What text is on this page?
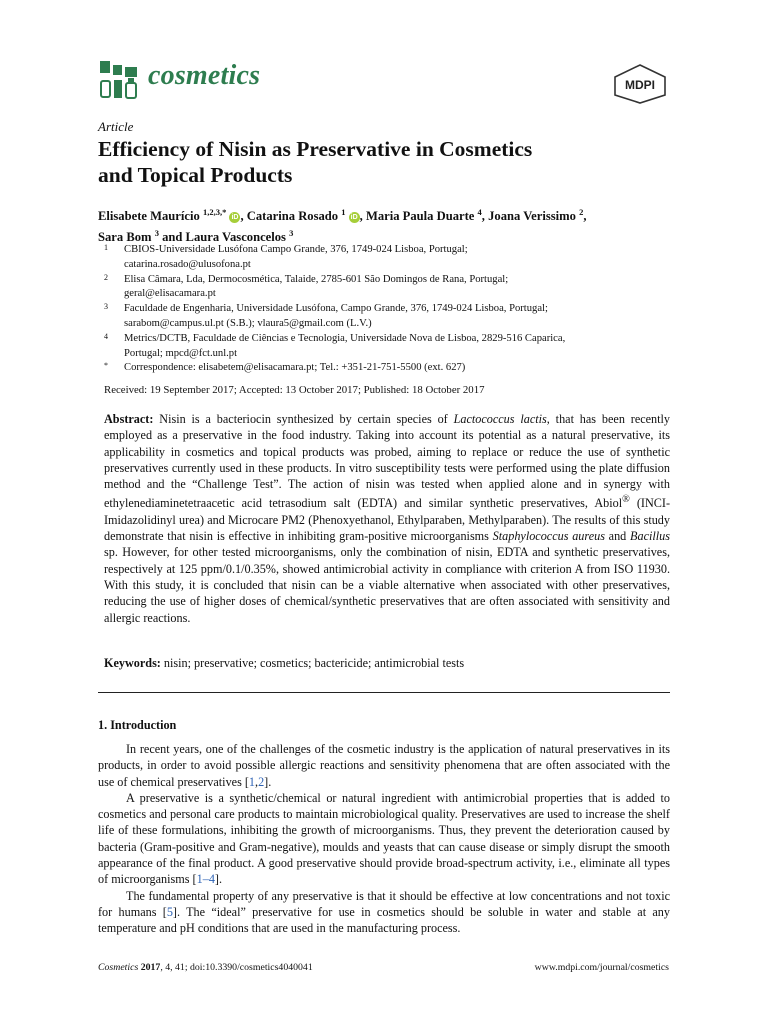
cosmetics	MDPI
Article
Efficiency of Nisin as Preservative in Cosmetics
and Topical Products
Elisabete Maurício $^{1,2,3,*}$ iD , Catarina Rosado $^1$ iD , Maria Paula Duarte $^4$, Joana Verissimo $^2$,
Sara Bom $^3$ and Laura Vasconcelos $^3$
1 CBIOS-Universidade Lusófona Campo Grande, 376, 1749-024 Lisboa, Portugal;
catarina.rosado@ulusofona.pt
2 Elisa Câmara, Lda, Dermocosmética, Talaide, 2785-601 São Domingos de Rana, Portugal;
geral@elisacamara.pt
3 Faculdade de Engenharia, Universidade Lusófona, Campo Grande, 376, 1749-024 Lisboa, Portugal;
sarabom@campus.ul.pt (S.B.); vlaura5@gmail.com (L.V.)
4 Metrics/DCTB, Faculdade de Ciências e Tecnologia, Universidade Nova de Lisboa, 2829-516 Caparica,
Portugal; mpcd@fct.unl.pt
* Correspondence: elisabetem@elisacamara.pt; Tel.: +351-21-751-5500 (ext. 627)
Received: 19 September 2017; Accepted: 13 October 2017; Published: 18 October 2017
Abstract: Nisin is a bacteriocin synthesized by certain species of Lactococcus lactis, that has been recently employed as a preservative in the food industry. Taking into account its potential as a natural preservative, its applicability in cosmetics and topical products was probed, aiming to replace or reduce the use of synthetic preservatives currently used in these products. In vitro susceptibility tests were performed using the plate diffusion method and the “Challenge Test”. The action of nisin was tested when applied alone and in synergy with ethylenediaminetetraacetic acid tetrasodium salt (EDTA) and similar synthetic preservatives, Abiol® (INCI-Imidazolidinyl urea) and Microcare PM2 (Phenoxyethanol, Ethylparaben, Methylparaben). The results of this study demonstrate that nisin is effective in inhibiting gram-positive microorganisms Staphylococcus aureus and Bacillus sp. However, for other tested microorganisms, only the combination of nisin, EDTA and synthetic preservatives, respectively at 125 ppm/0.1/0.35%, showed antimicrobial activity in compliance with criterion A from ISO 11930. With this study, it is concluded that nisin can be a viable alternative when associated with other preservatives, reducing the use of higher doses of chemical/synthetic preservatives that are often associated with sensitivity and allergic reactions.
Keywords: nisin; preservative; cosmetics; bactericide; antimicrobial tests
1. Introduction

In recent years, one of the challenges of the cosmetic industry is the application of natural preservatives in its products, in order to avoid possible allergic reactions and sensitivity phenomena that are often associated with the use of chemical preservatives [1,2].

A preservative is a synthetic/chemical or natural ingredient with antimicrobial properties that is added to cosmetics and personal care products to maintain microbiological quality. Preservatives are used to increase the shelf life of these formulations, inhibiting the growth of microorganisms. Thus, they prevent the deterioration caused by bacteria (Gram-positive and Gram-negative), moulds and yeasts that can cause disease or simply disrupt the smooth appearance of the final product. A good preservative should provide broad-spectrum activity, i.e., eliminate all types of microorganisms [1–4].

The fundamental property of any preservative is that it should be effective at low concentrations and not toxic for humans [5]. The “ideal” preservative for use in cosmetics should be soluble in water and stable at any temperature and pH conditions that are used in the manufacturing process.

Cosmetics 2017, 4, 41; doi:10.3390/cosmetics4040041	www.mdpi.com/journal/cosmetics
